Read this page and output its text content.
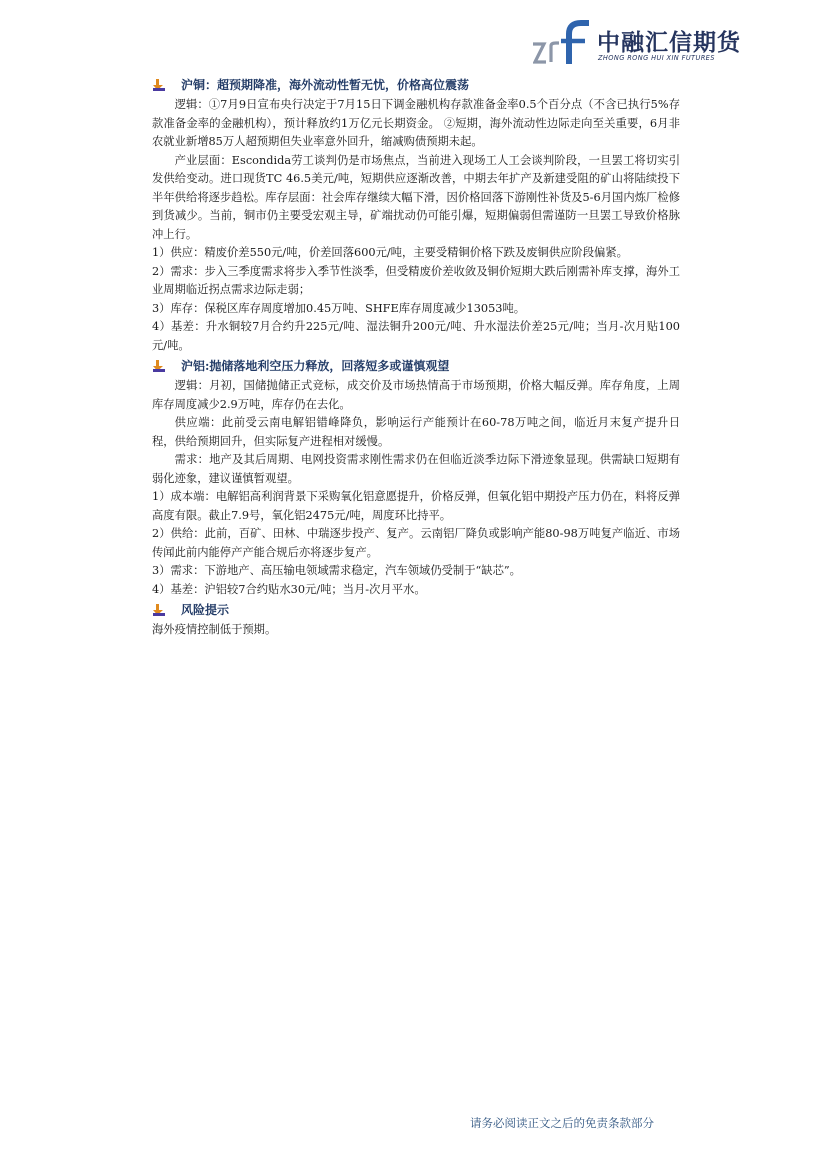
中融汇信期货
ZHONG RONG HUI XIN FUTURES
沪铜：超预期降准，海外流动性暂无忧，价格高位震荡

逻辑：①7月9日宣布央行决定于7月15日下调金融机构存款准备金率0.5个百分点（不含已执行5%存款准备金率的金融机构），预计释放约1万亿元长期资金。 ②短期，海外流动性边际走向至关重要，6月非农就业新增85万人超预期但失业率意外回升，缩减购债预期未起。

产业层面：Escondida劳工谈判仍是市场焦点，当前进入现场工人工会谈判阶段，一旦罢工将切实引发供给变动。进口现货TC 46.5美元/吨，短期供应逐渐改善，中期去年扩产及新建受阻的矿山将陆续投下半年供给将逐步趋松。库存层面：社会库存继续大幅下滑，因价格回落下游刚性补货及5-6月国内炼厂检修到货减少。当前，铜市仍主要受宏观主导，矿端扰动仍可能引爆，短期偏弱但需谨防一旦罢工导致价格脉冲上行。

1）供应：精废价差550元/吨，价差回落600元/吨，主要受精铜价格下跌及废铜供应阶段偏紧。

2）需求：步入三季度需求将步入季节性淡季，但受精废价差收敛及铜价短期大跌后刚需补库支撑，海外工业周期临近拐点需求边际走弱；

3）库存：保税区库存周度增加0.45万吨、SHFE库存周度减少13053吨。

4）基差：升水铜较7月合约升225元/吨、湿法铜升200元/吨、升水湿法价差25元/吨；当月-次月贴100元/吨。

沪铝:抛储落地利空压力释放，回落短多或谨慎观望

逻辑：月初，国储抛储正式竞标，成交价及市场热情高于市场预期，价格大幅反弹。库存角度，上周库存周度减少2.9万吨，库存仍在去化。

供应端：此前受云南电解铝错峰降负，影响运行产能预计在60-78万吨之间，临近月末复产提升日程，供给预期回升，但实际复产进程相对缓慢。

需求：地产及其后周期、电网投资需求刚性需求仍在但临近淡季边际下滑迹象显现。供需缺口短期有弱化迹象，建议谨慎暂观望。

1）成本端：电解铝高利润背景下采购氧化铝意愿提升，价格反弹，但氧化铝中期投产压力仍在，料将反弹高度有限。截止7.9号，氧化铝2475元/吨，周度环比持平。

2）供给：此前，百矿、田林、中瑞逐步投产、复产。云南铝厂降负或影响产能80-98万吨复产临近、市场传闻此前内能停产产能合规后亦将逐步复产。

3）需求：下游地产、高压输电领域需求稳定，汽车领域仍受制于“缺芯”。

4）基差：沪铝较7合约贴水30元/吨；当月-次月平水。

风险提示

海外疫情控制低于预期。

请务必阅读正文之后的免责条款部分
